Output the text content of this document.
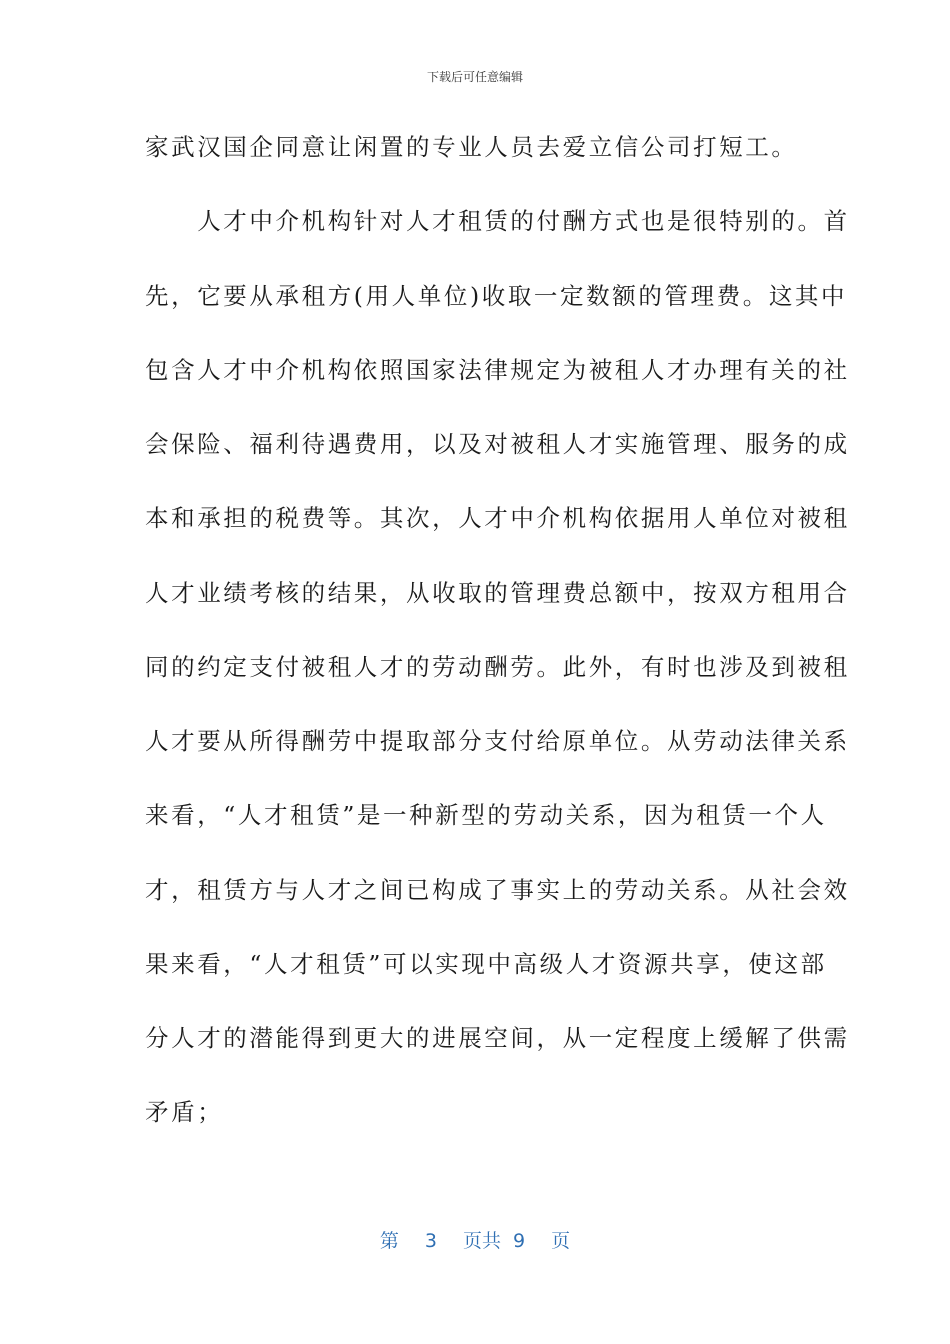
下载后可任意编辑
家武汉国企同意让闲置的专业人员去爱立信公司打短工。
　　人才中介机构针对人才租赁的付酬方式也是很特别的。首
先，它要从承租方(用人单位)收取一定数额的管理费。这其中
包含人才中介机构依照国家法律规定为被租人才办理有关的社
会保险、福利待遇费用，以及对被租人才实施管理、服务的成
本和承担的税费等。其次，人才中介机构依据用人单位对被租
人才业绩考核的结果，从收取的管理费总额中，按双方租用合
同的约定支付被租人才的劳动酬劳。此外，有时也涉及到被租
人才要从所得酬劳中提取部分支付给原单位。从劳动法律关系
来看，“人才租赁”是一种新型的劳动关系，因为租赁一个人
才，租赁方与人才之间已构成了事实上的劳动关系。从社会效
果来看，“人才租赁”可以实现中高级人才资源共享，使这部
分人才的潜能得到更大的进展空间，从一定程度上缓解了供需
矛盾；
第 3 页共 9 页
